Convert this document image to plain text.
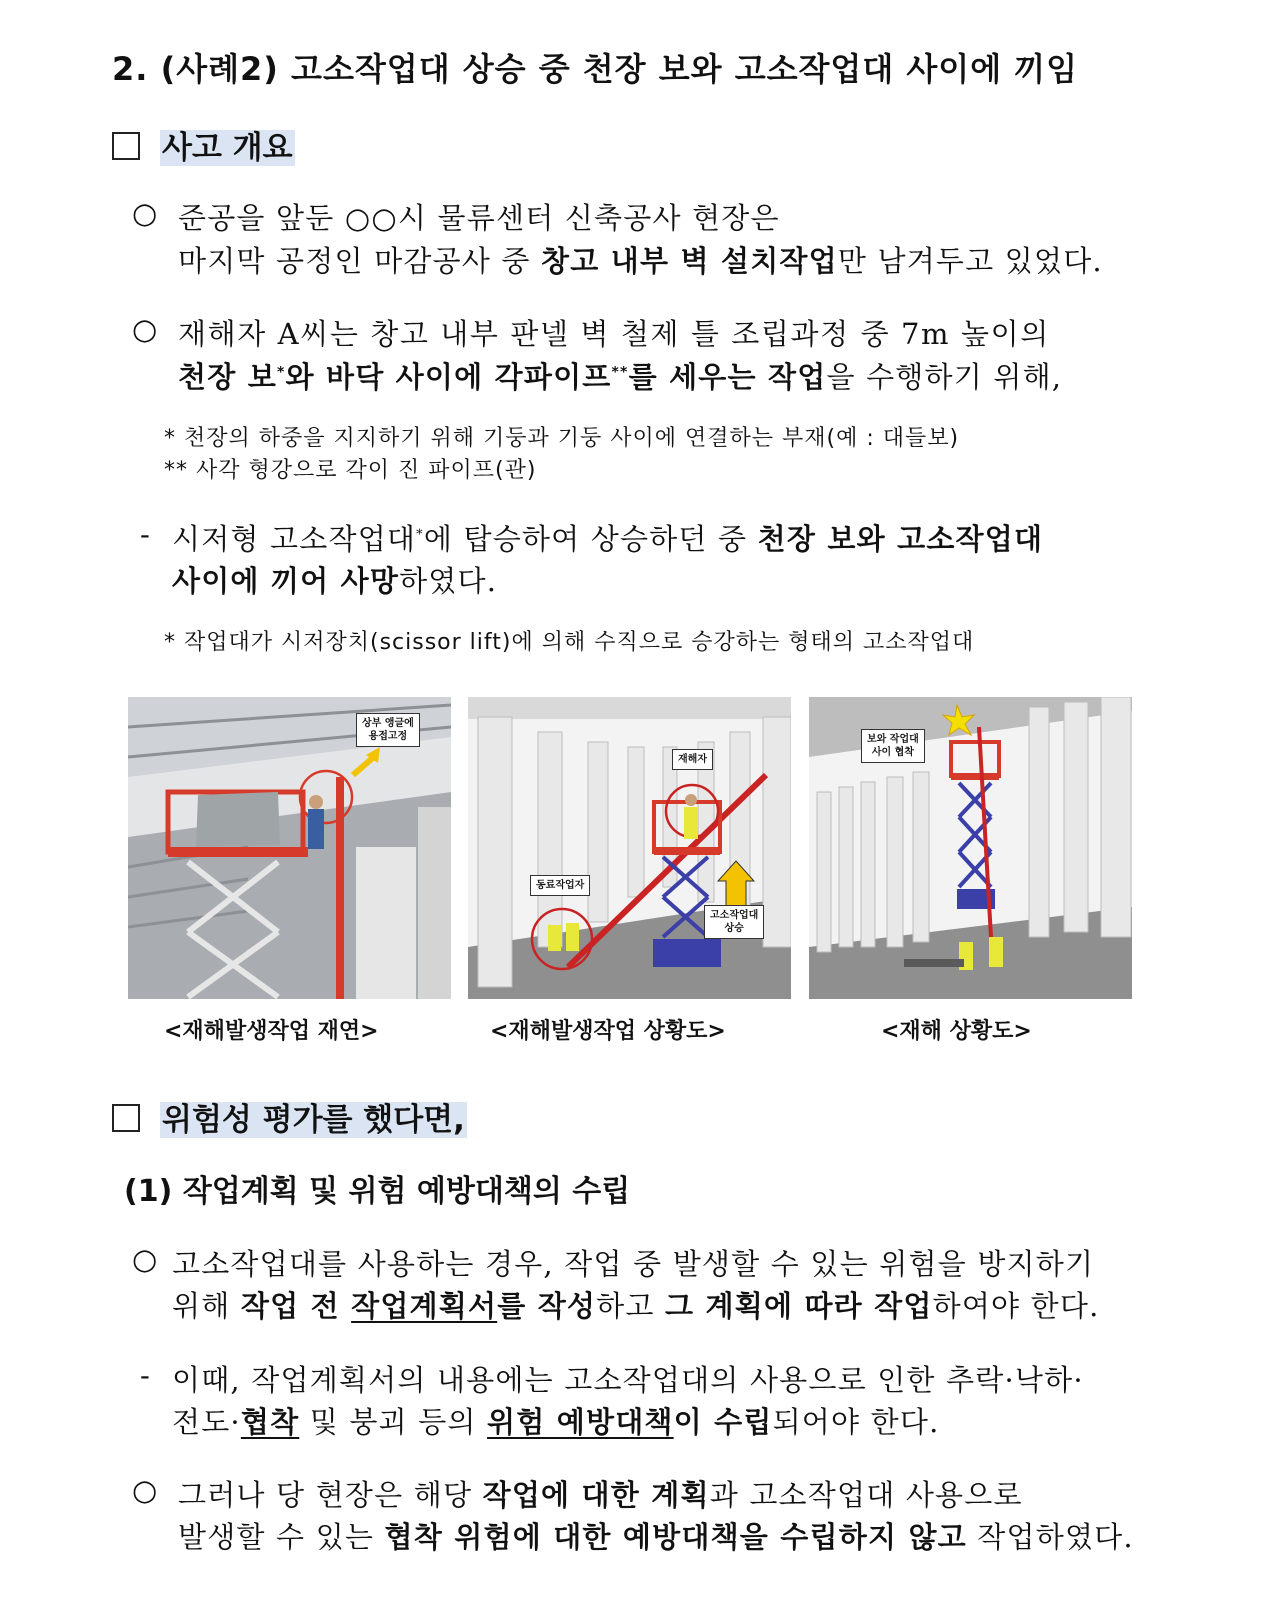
2. (사례2) 고소작업대 상승 중 천장 보와 고소작업대 사이에 끼임
사고 개요
○ 준공을 앞둔 ○○시 물류센터 신축공사 현장은
마지막 공정인 마감공사 중 창고 내부 벽 설치작업만 남겨두고 있었다.
○ 재해자 A씨는 창고 내부 판넬 벽 철제 틀 조립과정 중 7m 높이의
천장 보*와 바닥 사이에 각파이프**를 세우는 작업을 수행하기 위해,
* 천장의 하중을 지지하기 위해 기둥과 기둥 사이에 연결하는 부재(예 : 대들보)
** 사각 형강으로 각이 진 파이프(관)
- 시저형 고소작업대*에 탑승하여 상승하던 중 천장 보와 고소작업대
사이에 끼어 사망하였다.
* 작업대가 시저장치(scissor lift)에 의해 수직으로 승강하는 형태의 고소작업대
상부 앵글에
용접고정
재해자
동료작업자
고소작업대
상승
보와 작업대
사이 협착
<재해발생작업 재연>	<재해발생작업 상황도>	<재해 상황도>
위험성 평가를 했다면,
(1) 작업계획 및 위험 예방대책의 수립
○ 고소작업대를 사용하는 경우, 작업 중 발생할 수 있는 위험을 방지하기
위해 작업 전 작업계획서를 작성하고 그 계획에 따라 작업하여야 한다.
- 이때, 작업계획서의 내용에는 고소작업대의 사용으로 인한 추락·낙하·
전도·협착 및 붕괴 등의 위험 예방대책이 수립되어야 한다.
○ 그러나 당 현장은 해당 작업에 대한 계획과 고소작업대 사용으로
발생할 수 있는 협착 위험에 대한 예방대책을 수립하지 않고 작업하였다.
